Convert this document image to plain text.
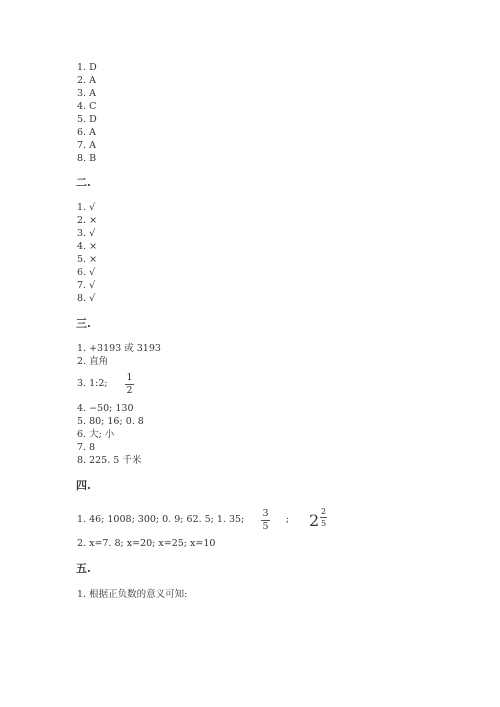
1. D
2. A
3. A
4. C
5. D
6. A
7. A
8. B
二.
1. √
2. ×
3. √
4. ×
5. ×
6. √
7. √
8. √
三.
1. +3193 或 3193
2. 直角
3. 1:2;
1
2
4. −50; 130
5. 80; 16; 0. 8
6. 大; 小
7. 8
8. 225. 5 千米
四.
1. 46; 1008; 300; 0. 9; 62. 5; 1. 35;
3
5
; 2 2
5
2. x=7. 8; x=20; x=25; x=10
五.
1. 根据正负数的意义可知:
